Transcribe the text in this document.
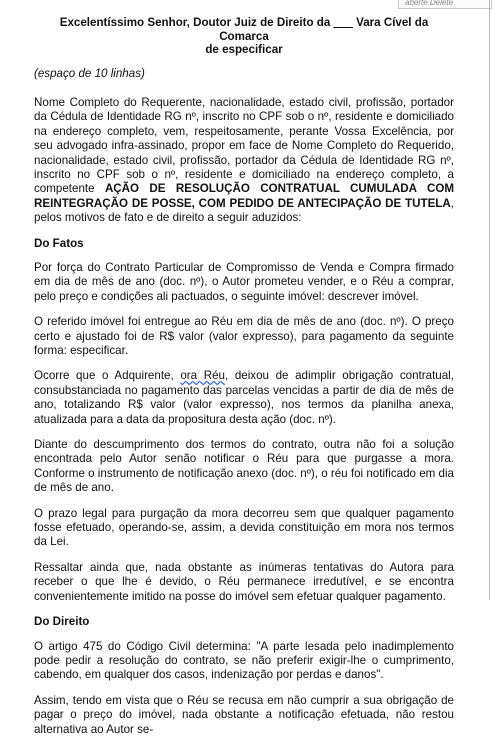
aberte Delete
Excelentíssimo Senhor, Doutor Juiz de Direito da ___ Vara Cível da Comarca
de especificar
(espaço de 10 linhas)

Nome Completo do Requerente, nacionalidade, estado civil, profissão, portador da Cédula de Identidade RG nº, inscrito no CPF sob o nº, residente e domiciliado na endereço completo, vem, respeitosamente, perante Vossa Excelência, por seu advogado infra-assinado, propor em face de Nome Completo do Requerido, nacionalidade, estado civil, profissão, portador da Cédula de Identidade RG nº, inscrito no CPF sob o nº, residente e domiciliado na endereço completo, a competente AÇÃO DE RESOLUÇÃO CONTRATUAL CUMULADA COM REINTEGRAÇÃO DE POSSE, COM PEDIDO DE ANTECIPAÇÃO DE TUTELA, pelos motivos de fato e de direito a seguir aduzidos:

Do Fatos

Por força do Contrato Particular de Compromisso de Venda e Compra firmado em dia de mês de ano (doc. nº), o Autor prometeu vender, e o Réu a comprar, pelo preço e condições ali pactuados, o seguinte imóvel: descrever imóvel.

O referido imóvel foi entregue ao Réu em dia de mês de ano (doc. nº). O preço certo e ajustado foi de R$ valor (valor expresso), para pagamento da seguinte forma: especificar.

Ocorre que o Adquirente, ora Réu, deixou de adimplir obrigação contratual, consubstanciada no pagamento das parcelas vencidas a partir de dia de mês de ano, totalizando R$ valor (valor expresso), nos termos da planilha anexa, atualizada para a data da propositura desta ação (doc. nº).

Diante do descumprimento dos termos do contrato, outra não foi a solução encontrada pelo Autor senão notificar o Réu para que purgasse a mora. Conforme o instrumento de notificação anexo (doc. nº), o réu foi notificado em dia de mês de ano.

O prazo legal para purgação da mora decorreu sem que qualquer pagamento fosse efetuado, operando-se, assim, a devida constituição em mora nos termos da Lei.

Ressaltar ainda que, nada obstante as inúmeras tentativas do Autora para receber o que lhe é devido, o Réu permanece irredutível, e se encontra convenientemente imitido na posse do imóvel sem efetuar qualquer pagamento.

Do Direito

O artigo 475 do Código Civil determina: "A parte lesada pelo inadimplemento pode pedir a resolução do contrato, se não preferir exigir-lhe o cumprimento, cabendo, em qualquer dos casos, indenização por perdas e danos".

Assim, tendo em vista que o Réu se recusa em não cumprir a sua obrigação de pagar o preço do imóvel, nada obstante a notificação efetuada, não restou alternativa ao Autor se-
